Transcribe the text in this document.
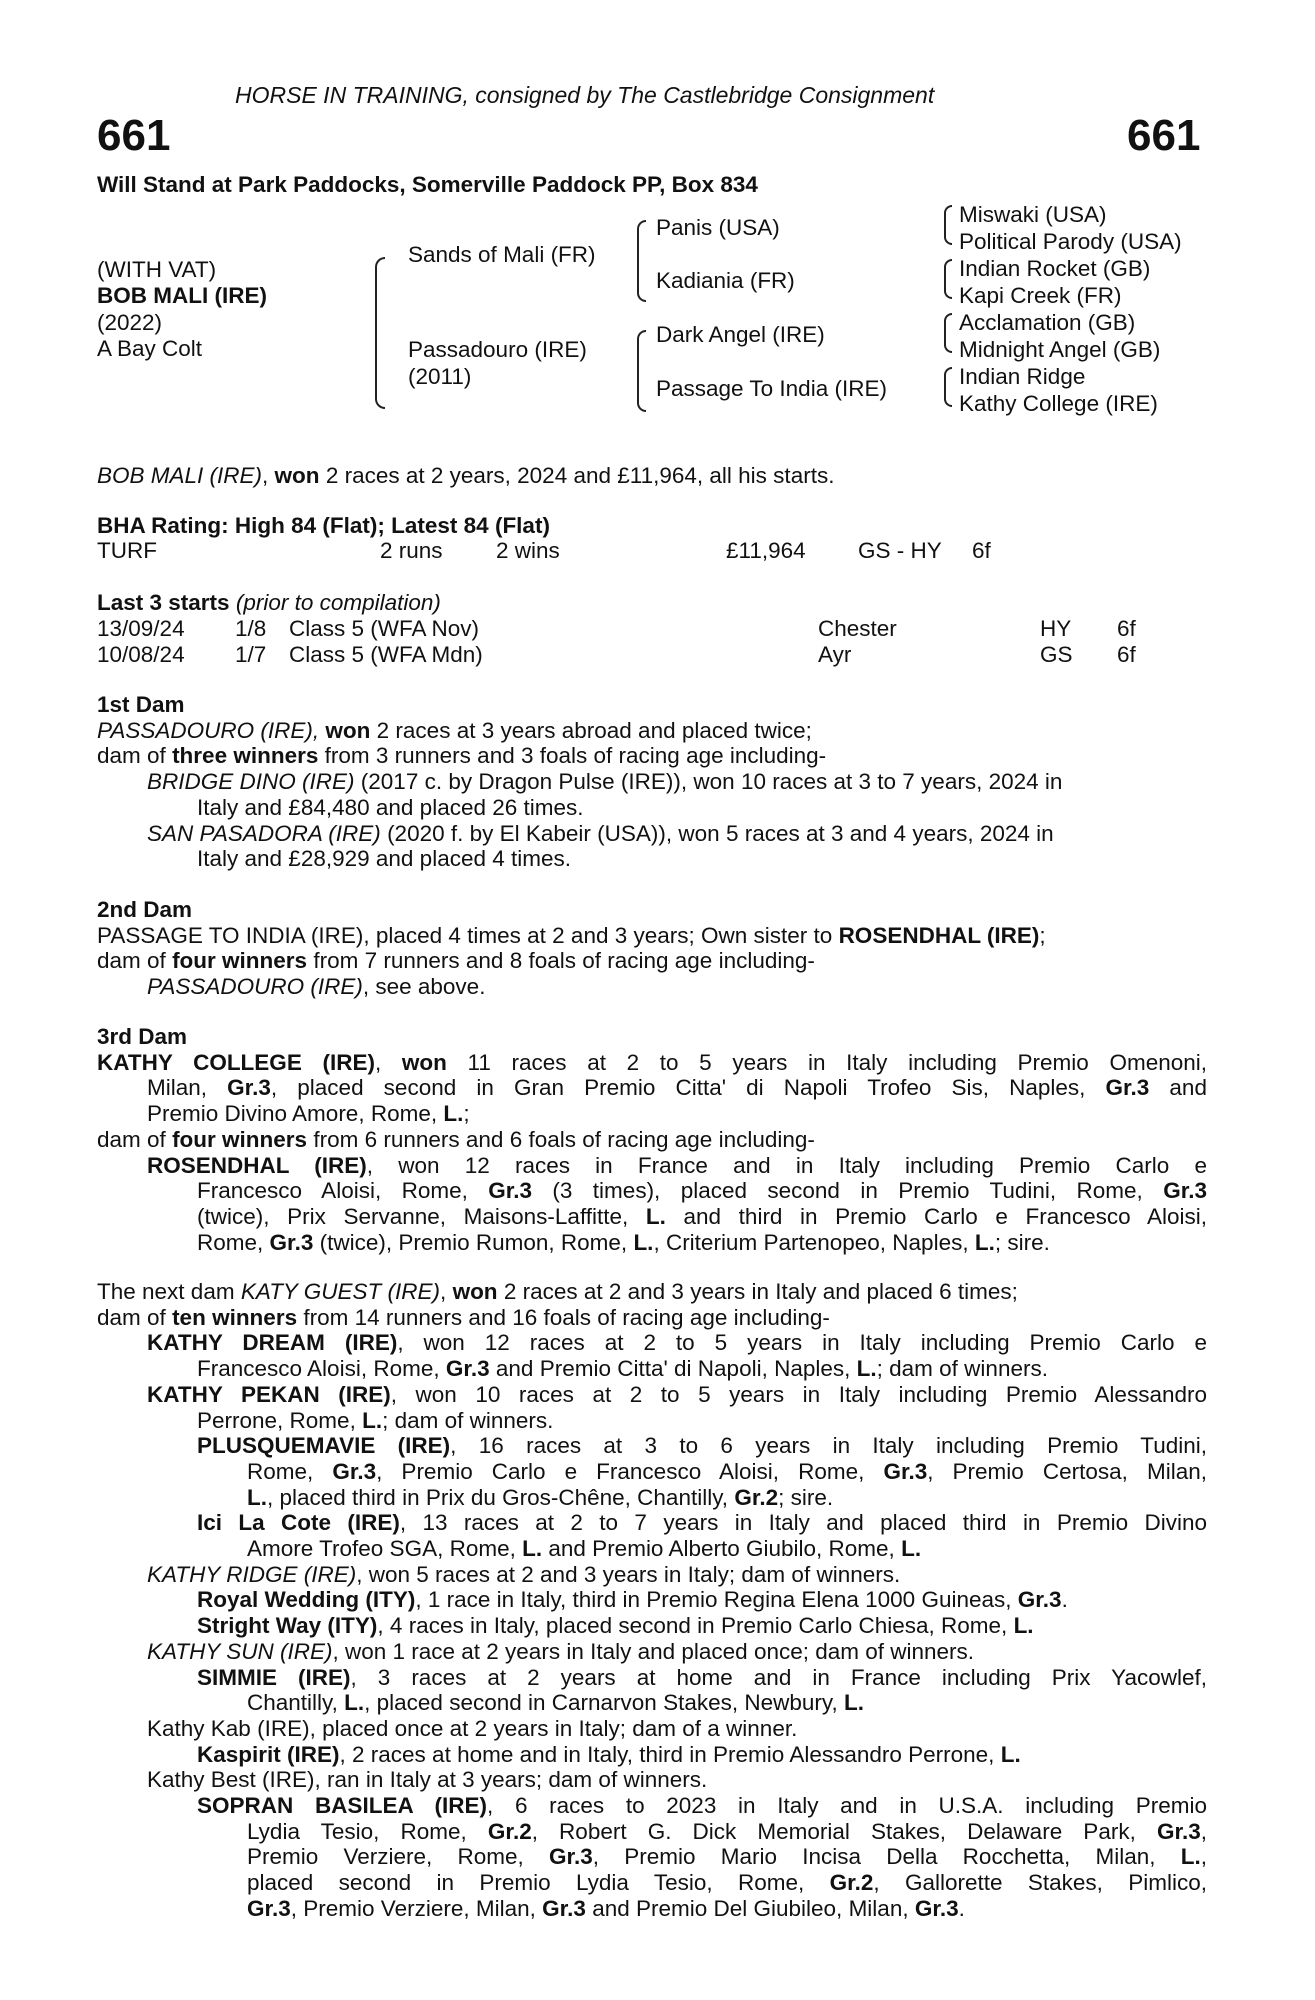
HORSE IN TRAINING, consigned by The Castlebridge Consignment
661	661
Will Stand at Park Paddocks, Somerville Paddock PP, Box 834
(WITH VAT)
BOB MALI (IRE)
(2022)
A Bay Colt
Sands of Mali (FR)
Passadouro (IRE)
(2011)
Panis (USA)
Kadiania (FR)
Dark Angel (IRE)
Passage To India (IRE)
Miswaki (USA)
Political Parody (USA)
Indian Rocket (GB)
Kapi Creek (FR)
Acclamation (GB)
Midnight Angel (GB)
Indian Ridge
Kathy College (IRE)
BOB MALI (IRE), won 2 races at 2 years, 2024 and £11,964, all his starts.
BHA Rating: High 84 (Flat); Latest 84 (Flat)
TURF	2 runs 2 wins	£11,964 GS - HY 6f
Last 3 starts (prior to compilation)
13/09/24 1/8 Class 5 (WFA Nov)	Chester	HY 6f
10/08/24 1/7 Class 5 (WFA Mdn)	Ayr	GS 6f
1st Dam
PASSADOURO (IRE), won 2 races at 3 years abroad and placed twice;
dam of three winners from 3 runners and 3 foals of racing age including-
BRIDGE DINO (IRE) (2017 c. by Dragon Pulse (IRE)), won 10 races at 3 to 7 years, 2024 in
Italy and £84,480 and placed 26 times.
SAN PASADORA (IRE) (2020 f. by El Kabeir (USA)), won 5 races at 3 and 4 years, 2024 in
Italy and £28,929 and placed 4 times.
2nd Dam
PASSAGE TO INDIA (IRE), placed 4 times at 2 and 3 years; Own sister to ROSENDHAL (IRE);
dam of four winners from 7 runners and 8 foals of racing age including-
PASSADOURO (IRE), see above.
3rd Dam
KATHY COLLEGE (IRE), won 11 races at 2 to 5 years in Italy including Premio Omenoni,
Milan, Gr.3, placed second in Gran Premio Citta' di Napoli Trofeo Sis, Naples, Gr.3 and
Premio Divino Amore, Rome, L.;
dam of four winners from 6 runners and 6 foals of racing age including-
ROSENDHAL (IRE), won 12 races in France and in Italy including Premio Carlo e
Francesco Aloisi, Rome, Gr.3 (3 times), placed second in Premio Tudini, Rome, Gr.3
(twice), Prix Servanne, Maisons-Laffitte, L. and third in Premio Carlo e Francesco Aloisi,
Rome, Gr.3 (twice), Premio Rumon, Rome, L., Criterium Partenopeo, Naples, L.; sire.
The next dam KATY GUEST (IRE), won 2 races at 2 and 3 years in Italy and placed 6 times;
dam of ten winners from 14 runners and 16 foals of racing age including-
KATHY DREAM (IRE), won 12 races at 2 to 5 years in Italy including Premio Carlo e
Francesco Aloisi, Rome, Gr.3 and Premio Citta' di Napoli, Naples, L.; dam of winners.
KATHY PEKAN (IRE), won 10 races at 2 to 5 years in Italy including Premio Alessandro
Perrone, Rome, L.; dam of winners.
PLUSQUEMAVIE (IRE), 16 races at 3 to 6 years in Italy including Premio Tudini,
Rome, Gr.3, Premio Carlo e Francesco Aloisi, Rome, Gr.3, Premio Certosa, Milan,
L., placed third in Prix du Gros-Chêne, Chantilly, Gr.2; sire.
Ici La Cote (IRE), 13 races at 2 to 7 years in Italy and placed third in Premio Divino
Amore Trofeo SGA, Rome, L. and Premio Alberto Giubilo, Rome, L.
KATHY RIDGE (IRE), won 5 races at 2 and 3 years in Italy; dam of winners.
Royal Wedding (ITY), 1 race in Italy, third in Premio Regina Elena 1000 Guineas, Gr.3.
Stright Way (ITY), 4 races in Italy, placed second in Premio Carlo Chiesa, Rome, L.
KATHY SUN (IRE), won 1 race at 2 years in Italy and placed once; dam of winners.
SIMMIE (IRE), 3 races at 2 years at home and in France including Prix Yacowlef,
Chantilly, L., placed second in Carnarvon Stakes, Newbury, L.
Kathy Kab (IRE), placed once at 2 years in Italy; dam of a winner.
Kaspirit (IRE), 2 races at home and in Italy, third in Premio Alessandro Perrone, L.
Kathy Best (IRE), ran in Italy at 3 years; dam of winners.
SOPRAN BASILEA (IRE), 6 races to 2023 in Italy and in U.S.A. including Premio
Lydia Tesio, Rome, Gr.2, Robert G. Dick Memorial Stakes, Delaware Park, Gr.3,
Premio Verziere, Rome, Gr.3, Premio Mario Incisa Della Rocchetta, Milan, L.,
placed second in Premio Lydia Tesio, Rome, Gr.2, Gallorette Stakes, Pimlico,
Gr.3, Premio Verziere, Milan, Gr.3 and Premio Del Giubileo, Milan, Gr.3.
